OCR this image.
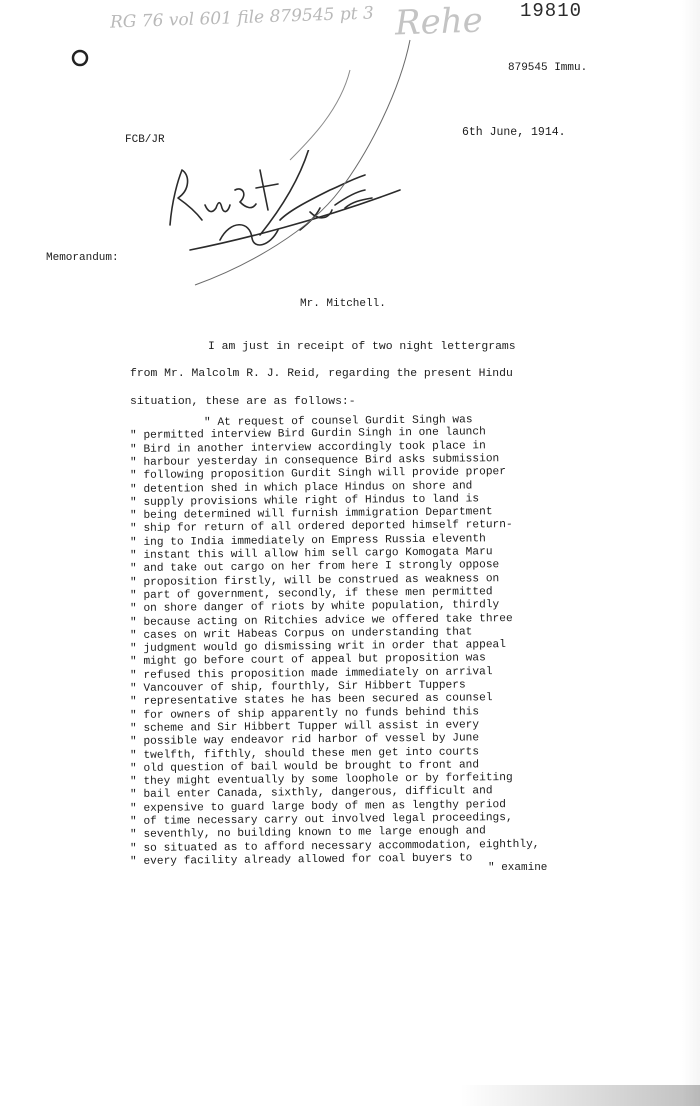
RG 76 vol 601 file 879545 pt 3 Rehe 19810
879545 Immu.
FCB/JR
6th June, 1914.
Memorandum:
Mr. Mitchell.
I am just in receipt of two night lettergrams
from Mr. Malcolm R. J. Reid, regarding the present Hindu
situation, these are as follows:-
" At request of counsel Gurdit Singh was
" permitted interview Bird Gurdin Singh in one launch
" Bird in another interview accordingly took place in
" harbour yesterday in consequence Bird asks submission
" following proposition Gurdit Singh will provide proper
" detention shed in which place Hindus on shore and
" supply provisions while right of Hindus to land is
" being determined will furnish immigration Department
" ship for return of all ordered deported himself return-
" ing to India immediately on Empress Russia eleventh
" instant this will allow him sell cargo Komogata Maru
" and take out cargo on her from here I strongly oppose
" proposition firstly, will be construed as weakness on
" part of government, secondly, if these men permitted
" on shore danger of riots by white population, thirdly
" because acting on Ritchies advice we offered take three
" cases on writ Habeas Corpus on understanding that
" judgment would go dismissing writ in order that appeal
" might go before court of appeal but proposition was
" refused this proposition made immediately on arrival
" Vancouver of ship, fourthly, Sir Hibbert Tuppers
" representative states he has been secured as counsel
" for owners of ship apparently no funds behind this
" scheme and Sir Hibbert Tupper will assist in every
" possible way endeavor rid harbor of vessel by June
" twelfth, fifthly, should these men get into courts
" old question of bail would be brought to front and
" they might eventually by some loophole or by forfeiting
" bail enter Canada, sixthly, dangerous, difficult and
" expensive to guard large body of men as lengthy period
" of time necessary carry out involved legal proceedings,
" seventhly, no building known to me large enough and
" so situated as to afford necessary accommodation, eighthly,
" every facility already allowed for coal buyers to
" examine
